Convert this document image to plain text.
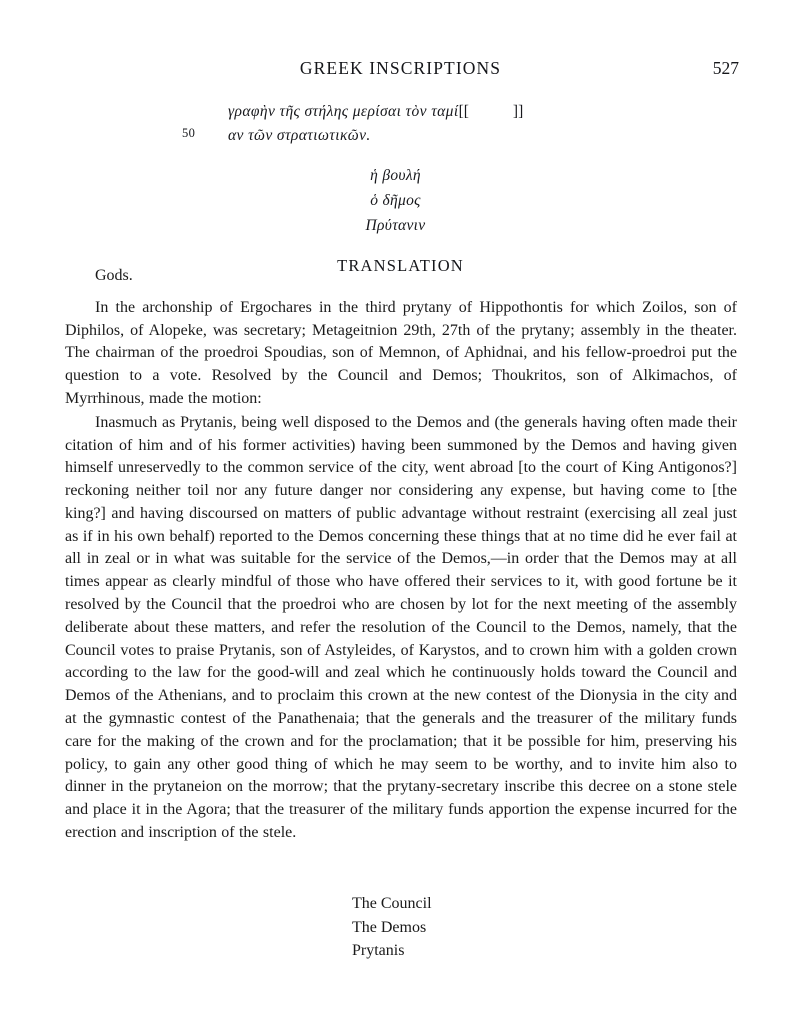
GREEK INSCRIPTIONS	527
γραφὴν τῆς στήλης μερίσαι τὸν ταμί[[	]]
50 αν τῶν στρατιωτικῶν.
ἡ βουλή
ὁ δῆμος
Πρύτανιν
TRANSLATION
Gods.

In the archonship of Ergochares in the third prytany of Hippothontis for which Zoilos, son of Diphilos, of Alopeke, was secretary; Metageitnion 29th, 27th of the prytany; assembly in the theater. The chairman of the proedroi Spoudias, son of Memnon, of Aphidnai, and his fellow-proedroi put the question to a vote. Resolved by the Council and Demos; Thoukritos, son of Alkimachos, of Myrrhinous, made the motion:

Inasmuch as Prytanis, being well disposed to the Demos and (the generals having often made their citation of him and of his former activities) having been summoned by the Demos and having given himself unreservedly to the common service of the city, went abroad [to the court of King Antigonos?] reckoning neither toil nor any future danger nor considering any expense, but having come to [the king?] and having discoursed on matters of public advantage without restraint (exercising all zeal just as if in his own behalf) reported to the Demos concerning these things that at no time did he ever fail at all in zeal or in what was suitable for the service of the Demos,—in order that the Demos may at all times appear as clearly mindful of those who have offered their services to it, with good fortune be it resolved by the Council that the proedroi who are chosen by lot for the next meeting of the assembly deliberate about these matters, and refer the resolution of the Council to the Demos, namely, that the Council votes to praise Prytanis, son of Astyleides, of Karystos, and to crown him with a golden crown according to the law for the good-will and zeal which he continuously holds toward the Council and Demos of the Athenians, and to proclaim this crown at the new contest of the Dionysia in the city and at the gymnastic contest of the Panathenaia; that the generals and the treasurer of the military funds care for the making of the crown and for the proclamation; that it be possible for him, preserving his policy, to gain any other good thing of which he may seem to be worthy, and to invite him also to dinner in the prytaneion on the morrow; that the prytany-secretary inscribe this decree on a stone stele and place it in the Agora; that the treasurer of the military funds apportion the expense incurred for the erection and inscription of the stele.

The Council
The Demos
Prytanis
